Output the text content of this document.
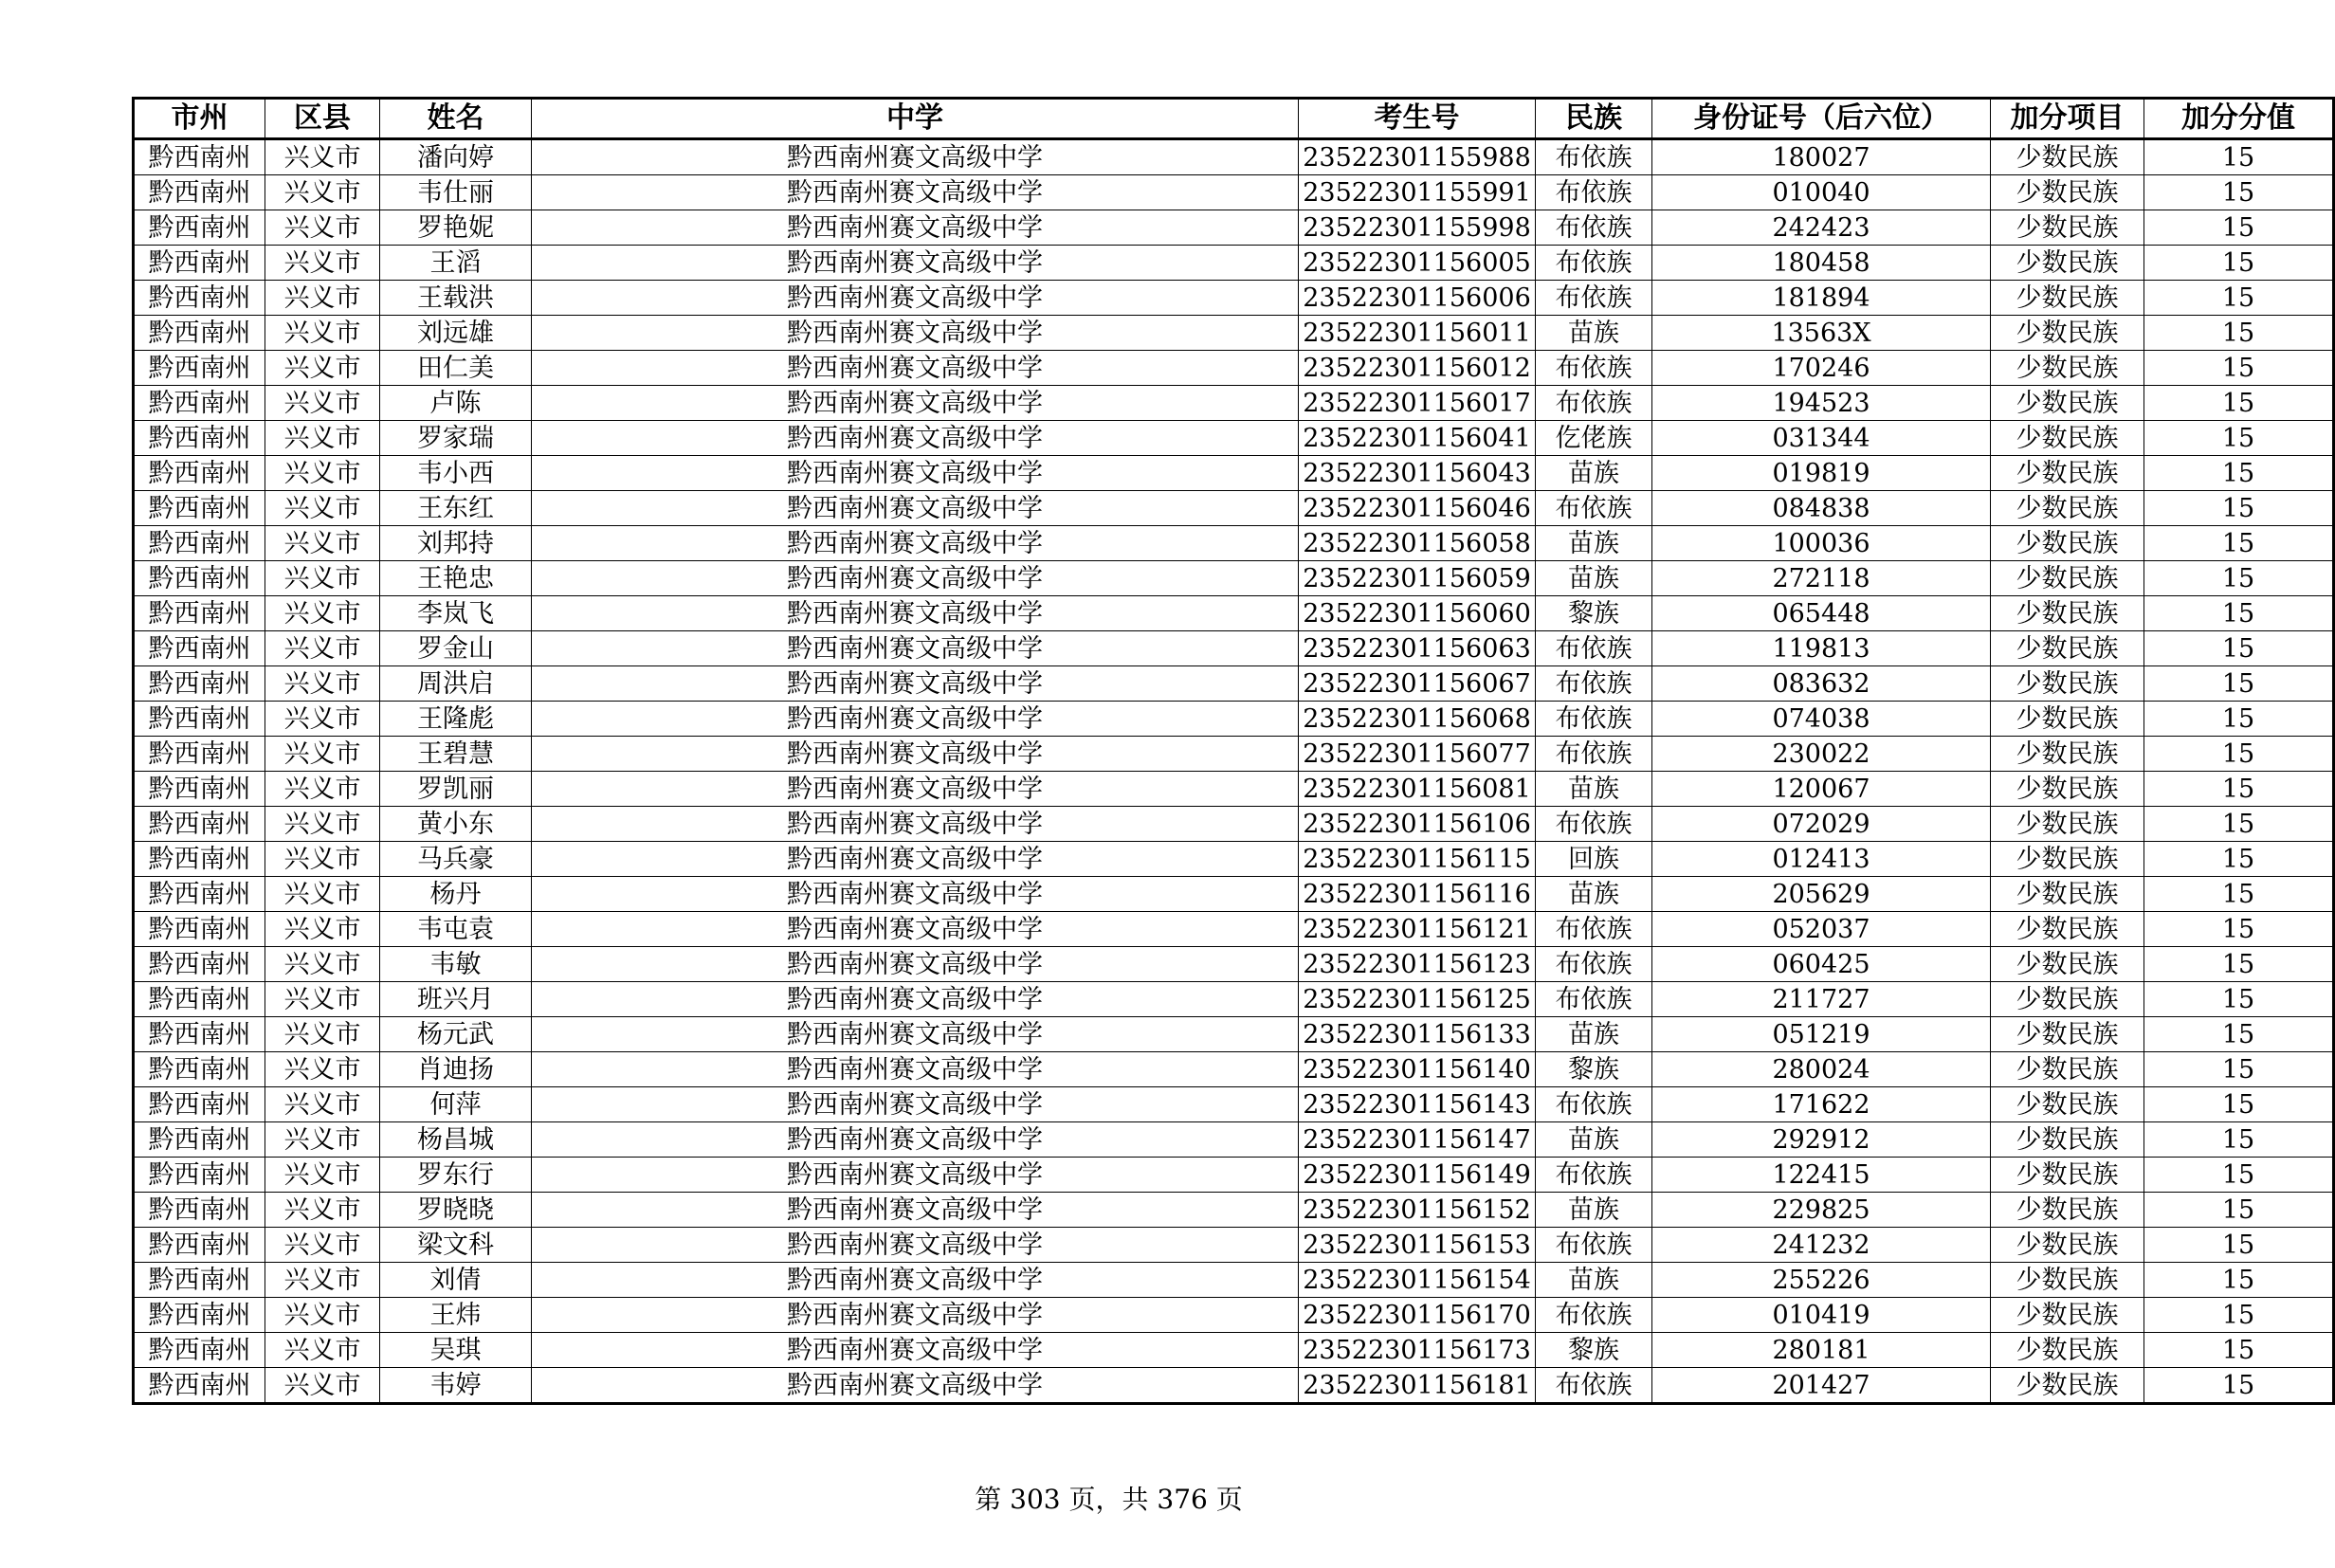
市州	区县	姓名	中学	考生号	民族	身份证号（后六位）	加分项目	加分分值
黔西南州	兴义市	潘向婷	黔西南州赛文高级中学	23522301155988	布依族	180027	少数民族	15
黔西南州	兴义市	韦仕丽	黔西南州赛文高级中学	23522301155991	布依族	010040	少数民族	15
黔西南州	兴义市	罗艳妮	黔西南州赛文高级中学	23522301155998	布依族	242423	少数民族	15
黔西南州	兴义市	王滔	黔西南州赛文高级中学	23522301156005	布依族	180458	少数民族	15
黔西南州	兴义市	王载洪	黔西南州赛文高级中学	23522301156006	布依族	181894	少数民族	15
黔西南州	兴义市	刘远雄	黔西南州赛文高级中学	23522301156011	苗族	13563X	少数民族	15
黔西南州	兴义市	田仁美	黔西南州赛文高级中学	23522301156012	布依族	170246	少数民族	15
黔西南州	兴义市	卢陈	黔西南州赛文高级中学	23522301156017	布依族	194523	少数民族	15
黔西南州	兴义市	罗家瑞	黔西南州赛文高级中学	23522301156041	仡佬族	031344	少数民族	15
黔西南州	兴义市	韦小西	黔西南州赛文高级中学	23522301156043	苗族	019819	少数民族	15
黔西南州	兴义市	王东红	黔西南州赛文高级中学	23522301156046	布依族	084838	少数民族	15
黔西南州	兴义市	刘邦持	黔西南州赛文高级中学	23522301156058	苗族	100036	少数民族	15
黔西南州	兴义市	王艳忠	黔西南州赛文高级中学	23522301156059	苗族	272118	少数民族	15
黔西南州	兴义市	李岚飞	黔西南州赛文高级中学	23522301156060	黎族	065448	少数民族	15
黔西南州	兴义市	罗金山	黔西南州赛文高级中学	23522301156063	布依族	119813	少数民族	15
黔西南州	兴义市	周洪启	黔西南州赛文高级中学	23522301156067	布依族	083632	少数民族	15
黔西南州	兴义市	王隆彪	黔西南州赛文高级中学	23522301156068	布依族	074038	少数民族	15
黔西南州	兴义市	王碧慧	黔西南州赛文高级中学	23522301156077	布依族	230022	少数民族	15
黔西南州	兴义市	罗凯丽	黔西南州赛文高级中学	23522301156081	苗族	120067	少数民族	15
黔西南州	兴义市	黄小东	黔西南州赛文高级中学	23522301156106	布依族	072029	少数民族	15
黔西南州	兴义市	马兵豪	黔西南州赛文高级中学	23522301156115	回族	012413	少数民族	15
黔西南州	兴义市	杨丹	黔西南州赛文高级中学	23522301156116	苗族	205629	少数民族	15
黔西南州	兴义市	韦屯袁	黔西南州赛文高级中学	23522301156121	布依族	052037	少数民族	15
黔西南州	兴义市	韦敏	黔西南州赛文高级中学	23522301156123	布依族	060425	少数民族	15
黔西南州	兴义市	班兴月	黔西南州赛文高级中学	23522301156125	布依族	211727	少数民族	15
黔西南州	兴义市	杨元武	黔西南州赛文高级中学	23522301156133	苗族	051219	少数民族	15
黔西南州	兴义市	肖迪扬	黔西南州赛文高级中学	23522301156140	黎族	280024	少数民族	15
黔西南州	兴义市	何萍	黔西南州赛文高级中学	23522301156143	布依族	171622	少数民族	15
黔西南州	兴义市	杨昌城	黔西南州赛文高级中学	23522301156147	苗族	292912	少数民族	15
黔西南州	兴义市	罗东行	黔西南州赛文高级中学	23522301156149	布依族	122415	少数民族	15
黔西南州	兴义市	罗晓晓	黔西南州赛文高级中学	23522301156152	苗族	229825	少数民族	15
黔西南州	兴义市	梁文科	黔西南州赛文高级中学	23522301156153	布依族	241232	少数民族	15
黔西南州	兴义市	刘倩	黔西南州赛文高级中学	23522301156154	苗族	255226	少数民族	15
黔西南州	兴义市	王炜	黔西南州赛文高级中学	23522301156170	布依族	010419	少数民族	15
黔西南州	兴义市	吴琪	黔西南州赛文高级中学	23522301156173	黎族	280181	少数民族	15
黔西南州	兴义市	韦婷	黔西南州赛文高级中学	23522301156181	布依族	201427	少数民族	15
第 303 页，共 376 页
